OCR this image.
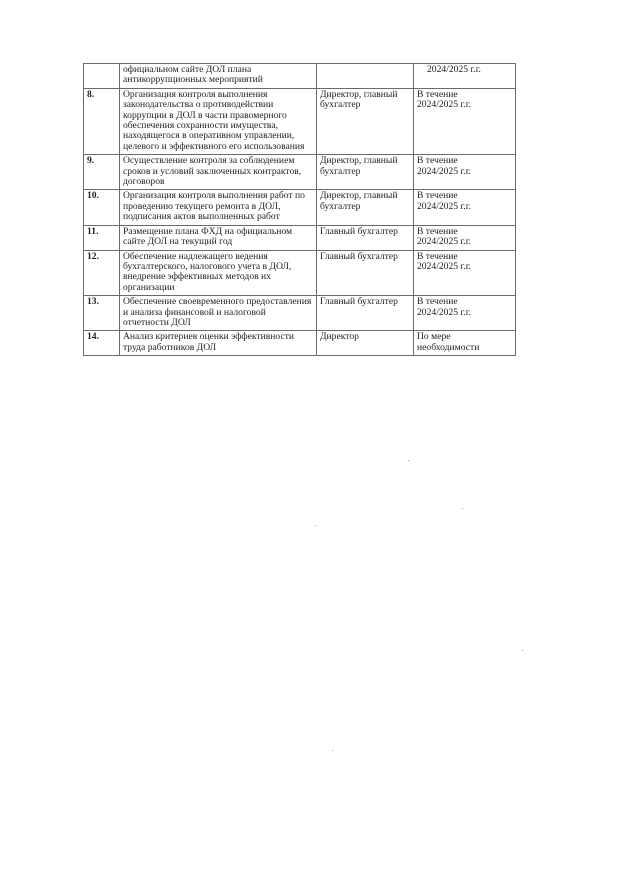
	официальном сайте ДОЛ плана антикоррупционных мероприятий		2024/2025 г.г.

8.	Организация контроля выполнения законодательства о противодействии коррупции в ДОЛ в части правомерного обеспечения сохранности имущества, находящегося в оперативном управлении, целевого и эффективного его использования	Директор, главный бухгалтер	В течение
2024/2025 г.г.

9.	Осуществление контроля за соблюдением сроков и условий заключенных контрактов, договоров	Директор, главный бухгалтер	В течение
2024/2025 г.г.

10.	Организация контроля выполнения работ по проведению текущего ремонта в ДОЛ, подписания актов выполненных работ	Директор, главный бухгалтер	В течение
2024/2025 г.г.

11.	Размещение плана ФХД на официальном сайте ДОЛ на текущий год	Главный бухгалтер	В течение
2024/2025 г.г.

12.	Обеспечение надлежащего ведения бухгалтерского, налогового учета в ДОЛ, внедрение эффективных методов их организации	Главный бухгалтер	В течение
2024/2025 г.г.

13.	Обеспечение своевременного предоставления и анализа финансовой и налоговой отчетности ДОЛ	Главный бухгалтер	В течение
2024/2025 г.г.

14.	Анализ критериев оценки эффективности труда работников ДОЛ	Директор	По мере
необходимости
